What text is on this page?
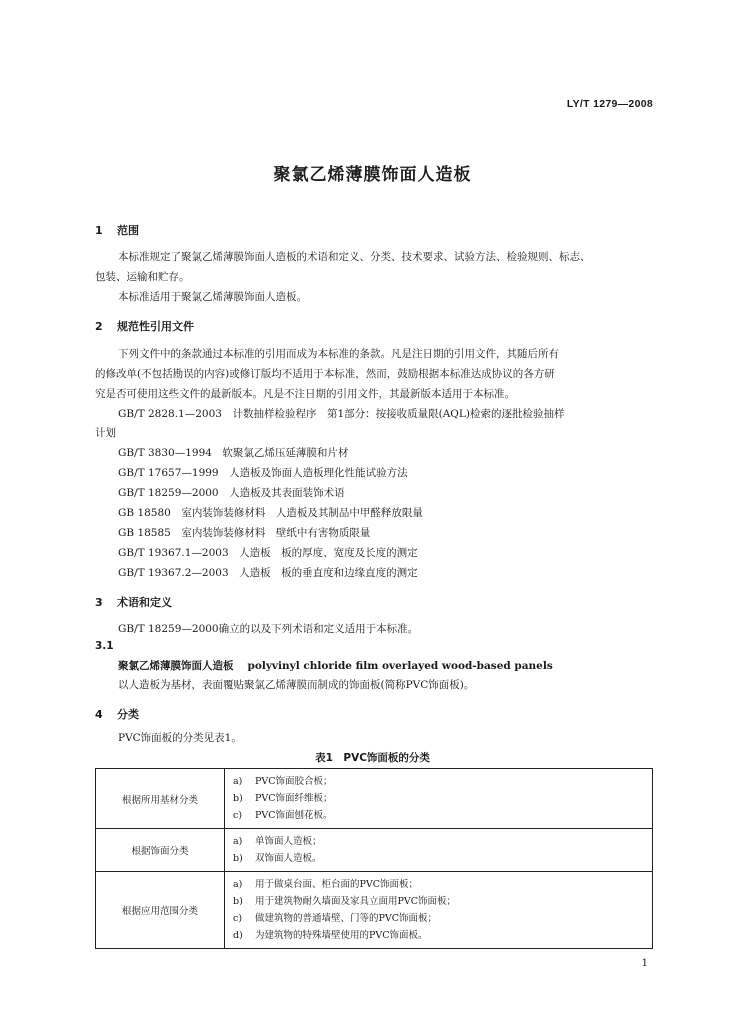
LY/T 1279—2008
聚氯乙烯薄膜饰面人造板
1 范围
本标准规定了聚氯乙烯薄膜饰面人造板的术语和定义、分类、技术要求、试验方法、检验规则、标志、
包装、运输和贮存。
本标准适用于聚氯乙烯薄膜饰面人造板。
2 规范性引用文件
下列文件中的条款通过本标准的引用而成为本标准的条款。凡是注日期的引用文件，其随后所有
的修改单(不包括勘误的内容)或修订版均不适用于本标准，然而，鼓励根据本标准达成协议的各方研
究是否可使用这些文件的最新版本。凡是不注日期的引用文件，其最新版本适用于本标准。
GB/T 2828.1—2003　计数抽样检验程序　第1部分：按接收质量限(AQL)检索的逐批检验抽样
计划
GB/T 3830—1994　软聚氯乙烯压延薄膜和片材
GB/T 17657—1999　人造板及饰面人造板理化性能试验方法
GB/T 18259—2000　人造板及其表面装饰术语
GB 18580　室内装饰装修材料　人造板及其制品中甲醛释放限量
GB 18585　室内装饰装修材料　壁纸中有害物质限量
GB/T 19367.1—2003　人造板　板的厚度、宽度及长度的测定
GB/T 19367.2—2003　人造板　板的垂直度和边缘直度的测定
3 术语和定义
GB/T 18259—2000确立的以及下列术语和定义适用于本标准。
3.1
聚氯乙烯薄膜饰面人造板 polyvinyl chloride film overlayed wood-based panels
以人造板为基材，表面覆贴聚氯乙烯薄膜而制成的饰面板(简称PVC饰面板)。
4 分类
PVC饰面板的分类见表1。
表1　PVC饰面板的分类
根据所用基材分类	a) PVC饰面胶合板；
b) PVC饰面纤维板；
c) PVC饰面刨花板。

根据饰面分类	a) 单饰面人造板；
b) 双饰面人造板。

根据应用范围分类	a) 用于做桌台面、柜台面的PVC饰面板；
b) 用于建筑物耐久墙面及家具立面用PVC饰面板；
c) 做建筑物的普通墙壁、门等的PVC饰面板；
d) 为建筑物的特殊墙壁使用的PVC饰面板。
1
